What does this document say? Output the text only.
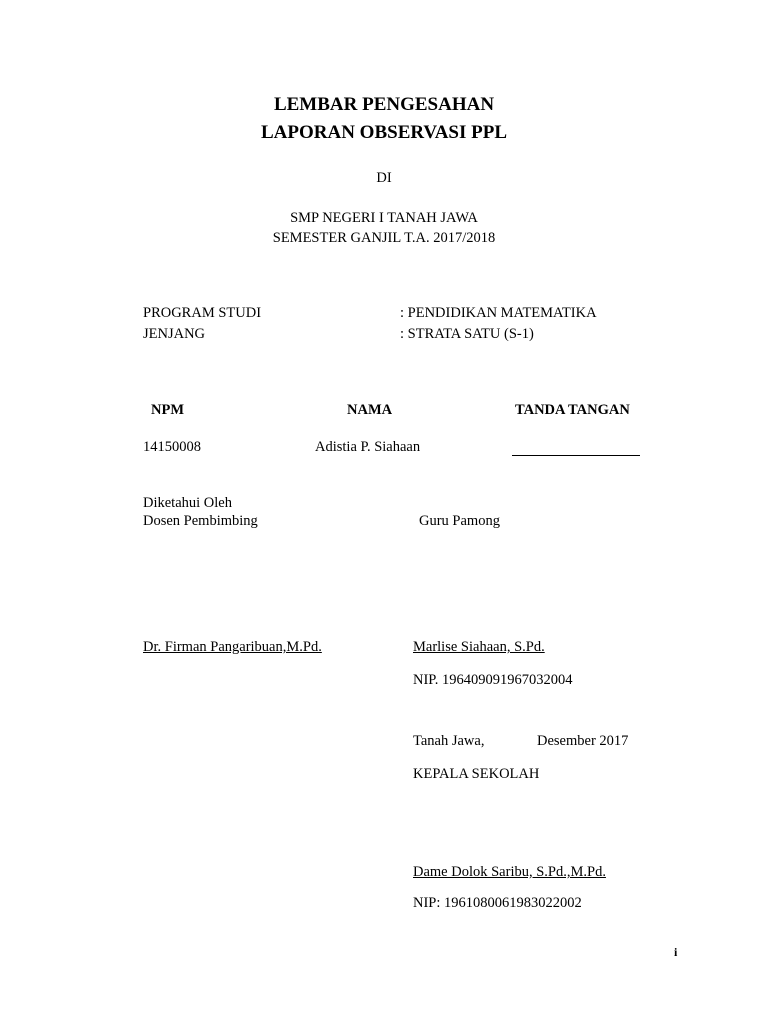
LEMBAR PENGESAHAN
LAPORAN OBSERVASI PPL
DI
SMP NEGERI I TANAH JAWA
SEMESTER GANJIL T.A. 2017/2018
PROGRAM STUDI	: PENDIDIKAN MATEMATIKA
JENJANG	: STRATA SATU (S-1)
NPM	NAMA	TANDA TANGAN
14150008	Adistia P. Siahaan
Diketahui Oleh
Dosen Pembimbing	Guru Pamong
Dr. Firman Pangaribuan,M.Pd.	Marlise Siahaan, S.Pd.
NIP. 196409091967032004
Tanah Jawa,	Desember 2017
KEPALA SEKOLAH
Dame Dolok Saribu, S.Pd.,M.Pd.
NIP: 1961080061983022002
i
